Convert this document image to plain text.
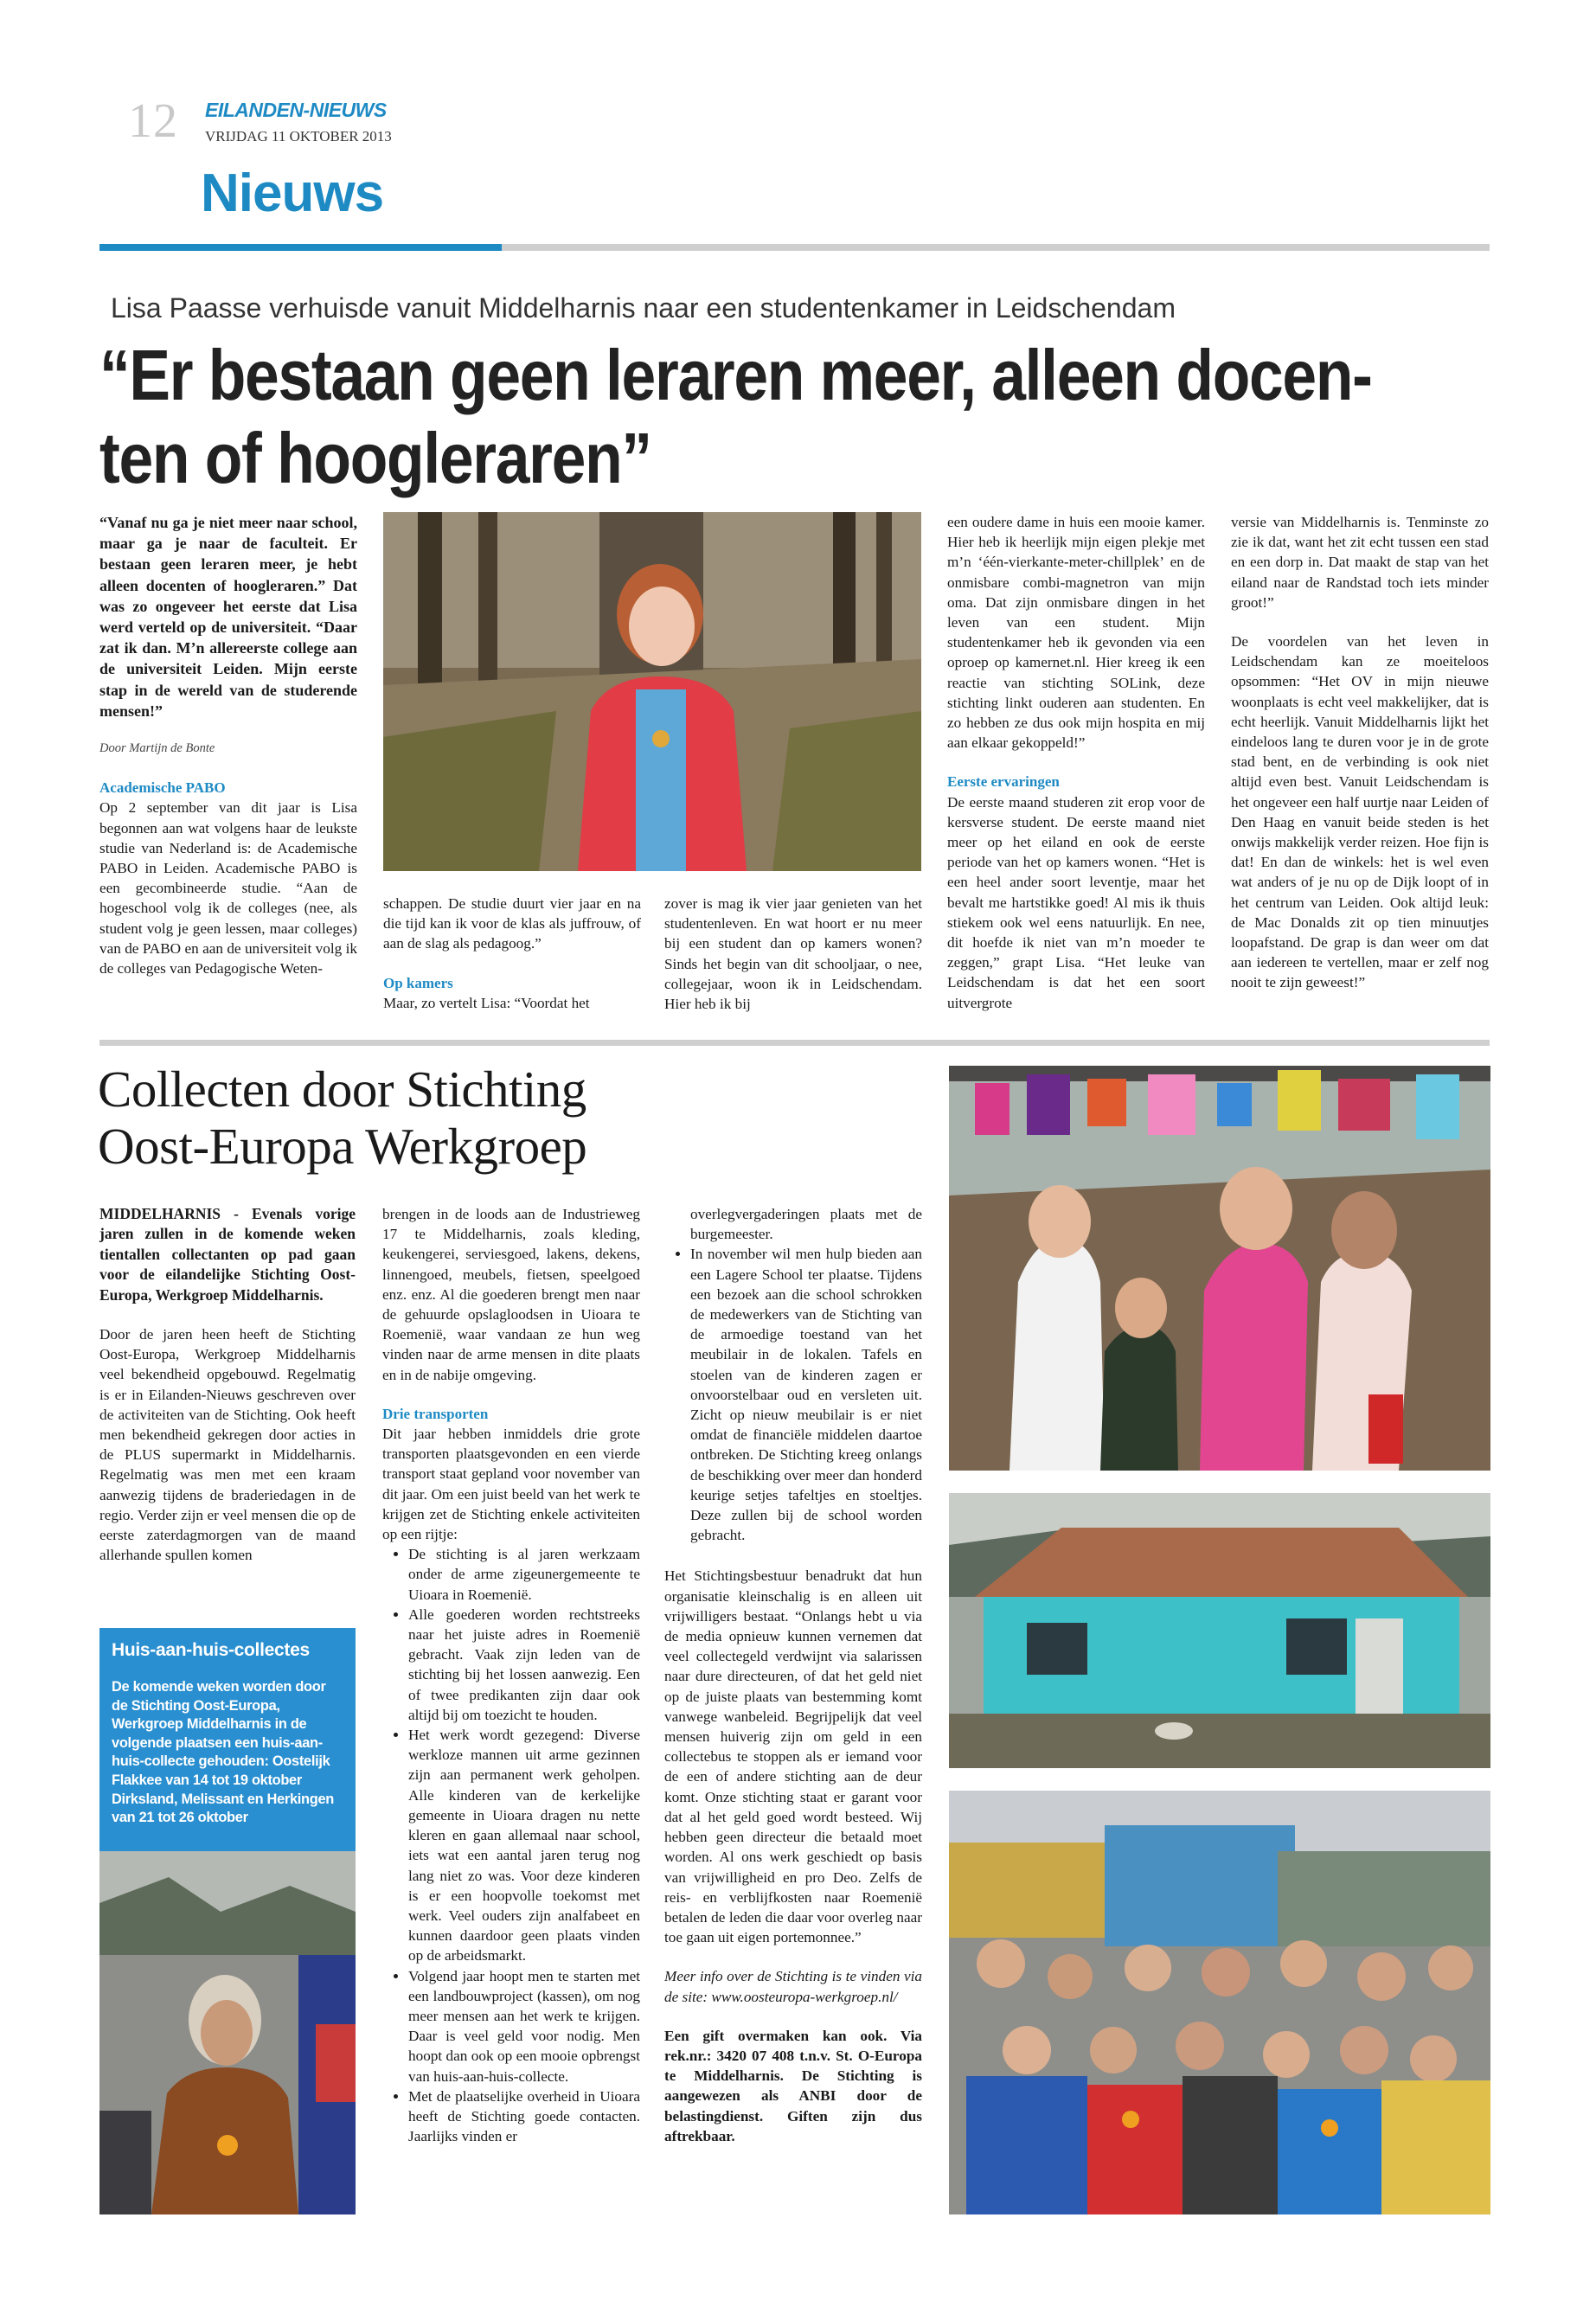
12 EILANDEN-NIEUWS
VRIJDAG 11 OKTOBER 2013
Nieuws
Lisa Paasse verhuisde vanuit Middelharnis naar een studentenkamer in Leidschendam
“Er bestaan geen leraren meer, alleen docen-
ten of hoogleraren”

“Vanaf nu ga je niet meer naar school, maar ga je naar de faculteit. Er bestaan geen leraren meer, je hebt alleen docenten of hoogleraren.” Dat was zo ongeveer het eerste dat Lisa werd verteld op de universiteit. “Daar zat ik dan. M’n allereerste college aan de universiteit Leiden. Mijn eerste stap in de wereld van de studerende mensen!”

Door Martijn de Bonte

Academische PABO

Op 2 september van dit jaar is Lisa begonnen aan wat volgens haar de leukste studie van Nederland is: de Academische PABO in Leiden. Academische PABO is een gecombineerde studie. “Aan de hogeschool volg ik de colleges (nee, als student volg je geen lessen, maar colleges) van de PABO en aan de universiteit volg ik de colleges van Pedagogische Weten-

schappen. De studie duurt vier jaar en na die tijd kan ik voor de klas als juffrouw, of aan de slag als pedagoog.”

Op kamers

Maar, zo vertelt Lisa: “Voordat het

zover is mag ik vier jaar genieten van het studentenleven. En wat hoort er nu meer bij een student dan op kamers wonen? Sinds het begin van dit schooljaar, o nee, collegejaar, woon ik in Leidschendam. Hier heb ik bij

een oudere dame in huis een mooie kamer. Hier heb ik heerlijk mijn eigen plekje met m’n ‘één-vierkante-meter-chillplek’ en de onmisbare combi-magnetron van mijn oma. Dat zijn onmisbare dingen in het leven van een student. Mijn studentenkamer heb ik gevonden via een oproep op kamernet.nl. Hier kreeg ik een reactie van stichting SOLink, deze stichting linkt ouderen aan studenten. En zo hebben ze dus ook mijn hospita en mij aan elkaar gekoppeld!”

Eerste ervaringen

De eerste maand studeren zit erop voor de kersverse student. De eerste maand niet meer op het eiland en ook de eerste periode van het op kamers wonen. “Het is een heel ander soort leventje, maar het bevalt me hartstikke goed! Al mis ik thuis stiekem ook wel eens natuurlijk. En nee, dit hoefde ik niet van m’n moeder te zeggen,” grapt Lisa. “Het leuke van Leidschendam is dat het een soort uitvergrote

versie van Middelharnis is. Tenminste zo zie ik dat, want het zit echt tussen een stad en een dorp in. Dat maakt de stap van het eiland naar de Randstad toch iets minder groot!”

De voordelen van het leven in Leidschendam kan ze moeiteloos opsommen: “Het OV in mijn nieuwe woonplaats is echt veel makkelijker, dat is echt heerlijk. Vanuit Middelharnis lijkt het eindeloos lang te duren voor je in de grote stad bent, en de verbinding is ook niet altijd even best. Vanuit Leidschendam is het ongeveer een half uurtje naar Leiden of Den Haag en vanuit beide steden is het onwijs makkelijk verder reizen. Hoe fijn is dat! En dan de winkels: het is wel even wat anders of je nu op de Dijk loopt of in het centrum van Leiden. Ook altijd leuk: de Mac Donalds zit op tien minuutjes loopafstand. De grap is dan weer om dat aan iedereen te vertellen, maar er zelf nog nooit te zijn geweest!”

Collecten door Stichting
Oost-Europa Werkgroep

MIDDELHARNIS - Evenals vorige jaren zullen in de komende weken tientallen collectanten op pad gaan voor de eilandelijke Stichting Oost-Europa, Werkgroep Middelharnis.

Door de jaren heen heeft de Stichting Oost-Europa, Werkgroep Middelharnis veel bekendheid opgebouwd. Regelmatig is er in Eilanden-Nieuws geschreven over de activiteiten van de Stichting. Ook heeft men bekendheid gekregen door acties in de PLUS supermarkt in Middelharnis. Regelmatig was men met een kraam aanwezig tijdens de braderiedagen in de regio. Verder zijn er veel mensen die op de eerste zaterdagmorgen van de maand allerhande spullen komen

Huis-aan-huis-collectes
De komende weken worden door de Stichting Oost-Europa, Werkgroep Middelharnis in de volgende plaatsen een huis-aan-huis-collecte gehouden: Oostelijk Flakkee van 14 tot 19 oktober Dirksland, Melissant en Herkingen van 21 tot 26 oktober

brengen in de loods aan de Industrieweg 17 te Middelharnis, zoals kleding, keukengerei, serviesgoed, lakens, dekens, linnengoed, meubels, fietsen, speelgoed enz. enz. Al die goederen brengt men naar de gehuurde opslagloodsen in Uioara te Roemenië, waar vandaan ze hun weg vinden naar de arme mensen in dite plaats en in de nabije omgeving.

Drie transporten

Dit jaar hebben inmiddels drie grote transporten plaatsgevonden en een vierde transport staat gepland voor november van dit jaar. Om een juist beeld van het werk te krijgen zet de Stichting enkele activiteiten op een rijtje:

• De stichting is al jaren werkzaam onder de arme zigeunergemeente te Uioara in Roemenië.
• Alle goederen worden rechtstreeks naar het juiste adres in Roemenië gebracht. Vaak zijn leden van de stichting bij het lossen aanwezig. Een of twee predikanten zijn daar ook altijd bij om toezicht te houden.
• Het werk wordt gezegend: Diverse werkloze mannen uit arme gezinnen zijn aan permanent werk geholpen. Alle kinderen van de kerkelijke gemeente in Uioara dragen nu nette kleren en gaan allemaal naar school, iets wat een aantal jaren terug nog lang niet zo was. Voor deze kinderen is er een hoopvolle toekomst met werk. Veel ouders zijn analfabeet en kunnen daardoor geen plaats vinden op de arbeidsmarkt.
• Volgend jaar hoopt men te starten met een landbouwproject (kassen), om nog meer mensen aan het werk te krijgen. Daar is veel geld voor nodig. Men hoopt dan ook op een mooie opbrengst van huis-aan-huis-collecte.
• Met de plaatselijke overheid in Uioara heeft de Stichting goede contacten. Jaarlijks vinden er

overlegvergaderingen plaats met de burgemeester.

• In november wil men hulp bieden aan een Lagere School ter plaatse. Tijdens een bezoek aan die school schrokken de medewerkers van de Stichting van de armoedige toestand van het meubilair in de lokalen. Tafels en stoelen van de kinderen zagen er onvoorstelbaar oud en versleten uit. Zicht op nieuw meubilair is er niet omdat de financiële middelen daartoe ontbreken. De Stichting kreeg onlangs de beschikking over meer dan honderd keurige setjes tafeltjes en stoeltjes. Deze zullen bij de school worden gebracht.

Het Stichtingsbestuur benadrukt dat hun organisatie kleinschalig is en alleen uit vrijwilligers bestaat. “Onlangs hebt u via de media opnieuw kunnen vernemen dat veel collectegeld verdwijnt via salarissen naar dure directeuren, of dat het geld niet op de juiste plaats van bestemming komt vanwege wanbeleid. Begrijpelijk dat veel mensen huiverig zijn om geld in een collectebus te stoppen als er iemand voor de een of andere stichting aan de deur komt. Onze stichting staat er garant voor dat al het geld goed wordt besteed. Wij hebben geen directeur die betaald moet worden. Al ons werk geschiedt op basis van vrijwilligheid en pro Deo. Zelfs de reis- en verblijfkosten naar Roemenië betalen de leden die daar voor overleg naar toe gaan uit eigen portemonnee.”

Meer info over de Stichting is te vinden via de site: www.oosteuropa-werkgroep.nl/

Een gift overmaken kan ook. Via rek.nr.: 3420 07 408 t.n.v. St. O-Europa te Middelharnis. De Stichting is aangewezen als ANBI door de belastingdienst. Giften zijn dus aftrekbaar.
